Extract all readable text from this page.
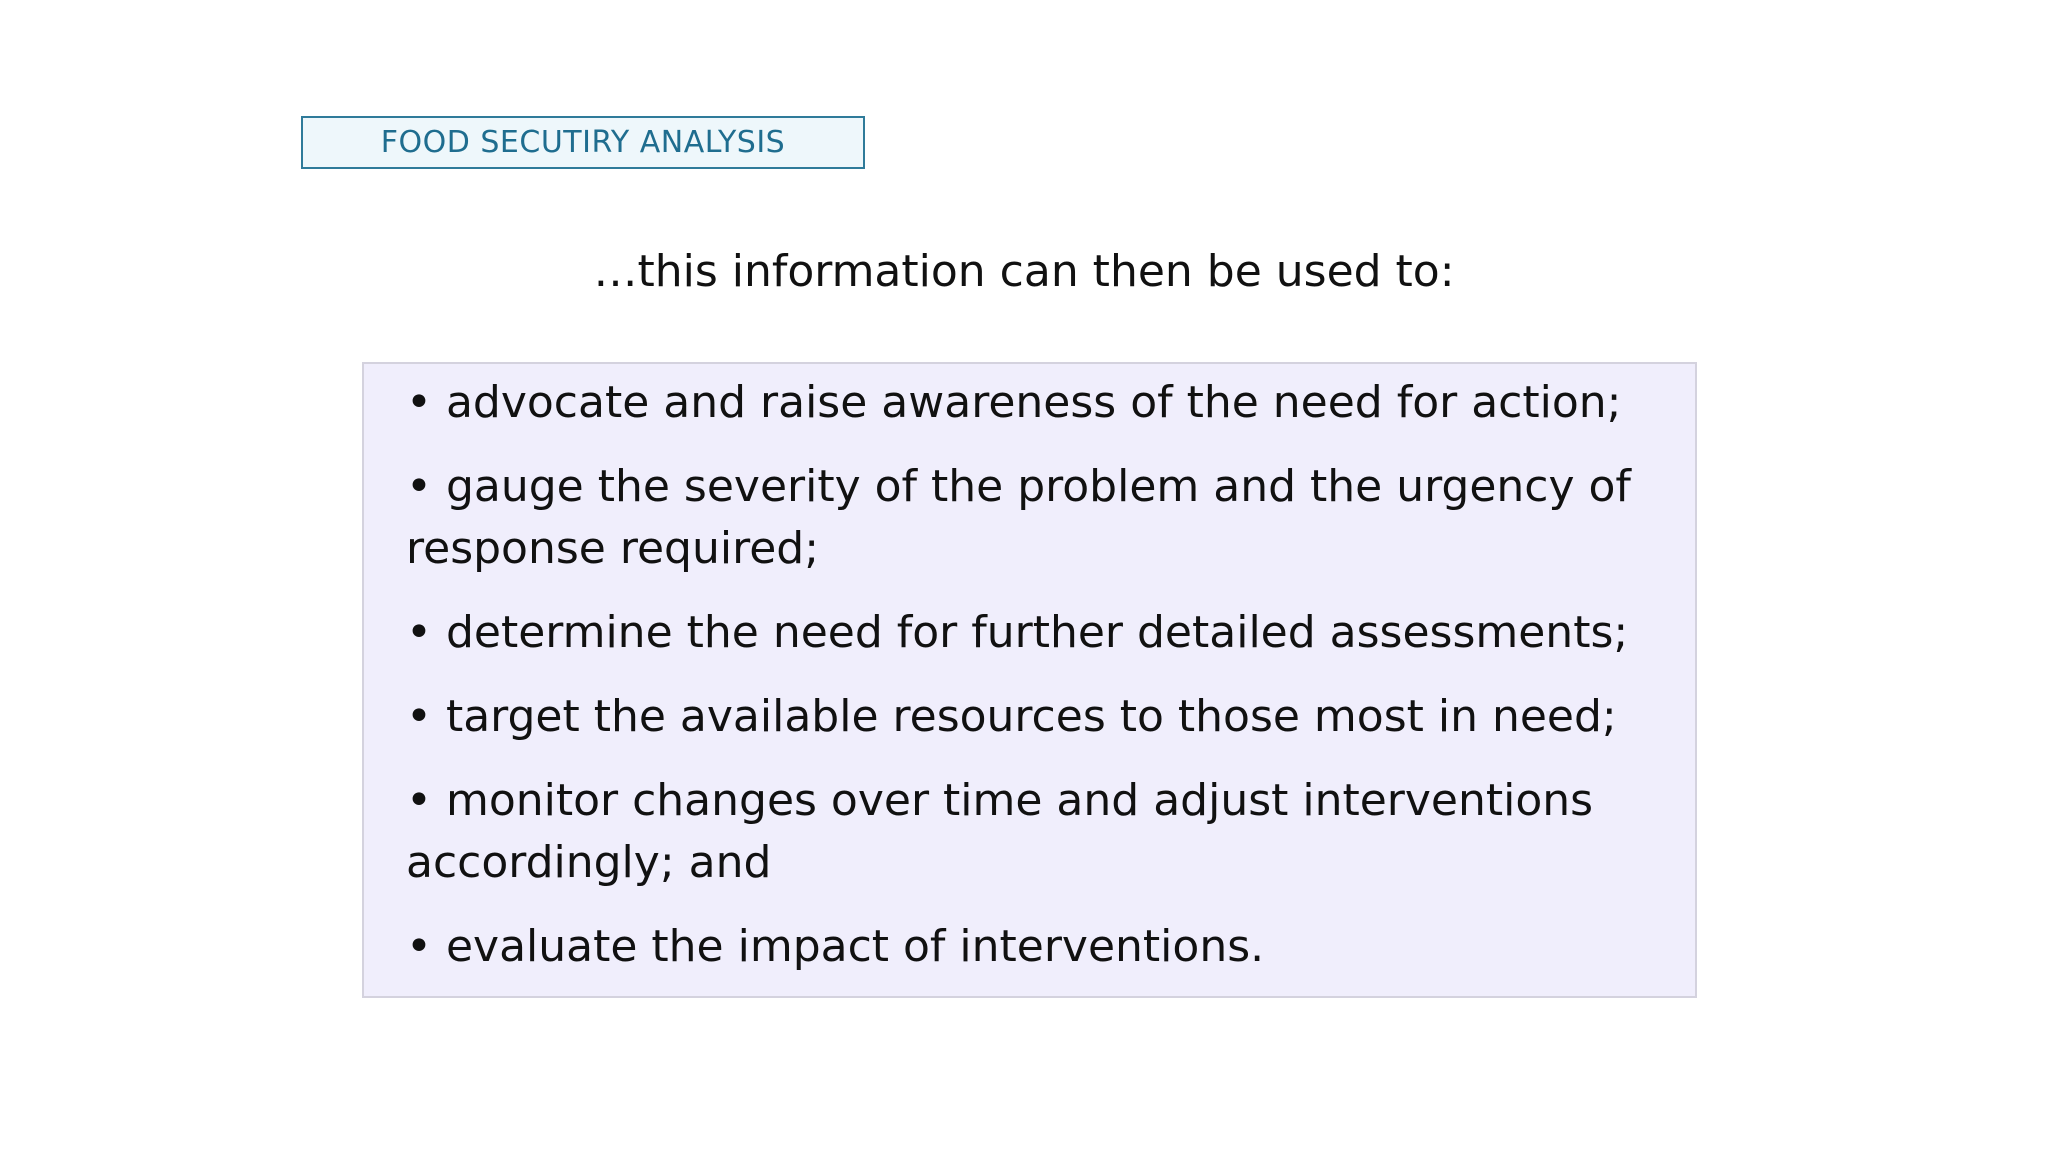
FOOD SECUTIRY ANALYSIS
…this information can then be used to:
• advocate and raise awareness of the need for action;
• gauge the severity of the problem and the urgency of response required;
• determine the need for further detailed assessments;
• target the available resources to those most in need;
• monitor changes over time and adjust interventions accordingly; and
• evaluate the impact of interventions.
